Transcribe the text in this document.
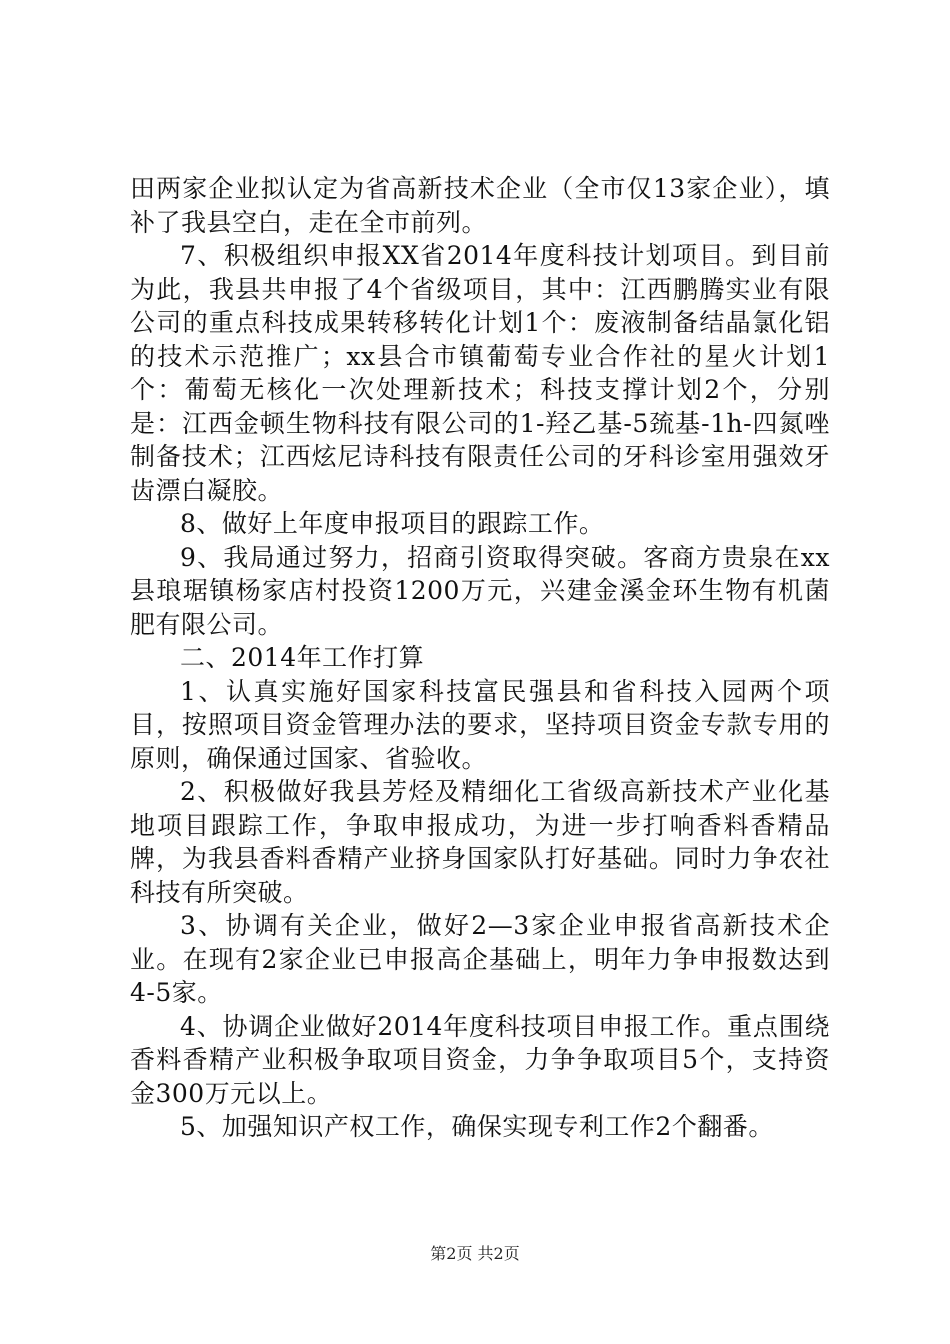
田两家企业拟认定为省高新技术企业（全市仅13家企业），填补了我县空白，走在全市前列。

7、积极组织申报XX省2014年度科技计划项目。到目前为此，我县共申报了4个省级项目，其中：江西鹏腾实业有限公司的重点科技成果转移转化计划1个：废液制备结晶氯化铝的技术示范推广；xx县合市镇葡萄专业合作社的星火计划1个：葡萄无核化一次处理新技术；科技支撑计划2个，分别是：江西金顿生物科技有限公司的1-羟乙基-5巯基-1h-四氮唑制备技术；江西炫尼诗科技有限责任公司的牙科诊室用强效牙齿漂白凝胶。

8、做好上年度申报项目的跟踪工作。

9、我局通过努力，招商引资取得突破。客商方贵泉在xx县琅琚镇杨家店村投资1200万元，兴建金溪金环生物有机菌肥有限公司。

二、2014年工作打算

1、认真实施好国家科技富民强县和省科技入园两个项目，按照项目资金管理办法的要求，坚持项目资金专款专用的原则，确保通过国家、省验收。

2、积极做好我县芳烃及精细化工省级高新技术产业化基地项目跟踪工作，争取申报成功，为进一步打响香料香精品牌，为我县香料香精产业挤身国家队打好基础。同时力争农社科技有所突破。

3、协调有关企业，做好2—3家企业申报省高新技术企业。在现有2家企业已申报高企基础上，明年力争申报数达到4-5家。

4、协调企业做好2014年度科技项目申报工作。重点围绕香料香精产业积极争取项目资金，力争争取项目5个，支持资金300万元以上。

5、加强知识产权工作，确保实现专利工作2个翻番。

第2页 共2页
